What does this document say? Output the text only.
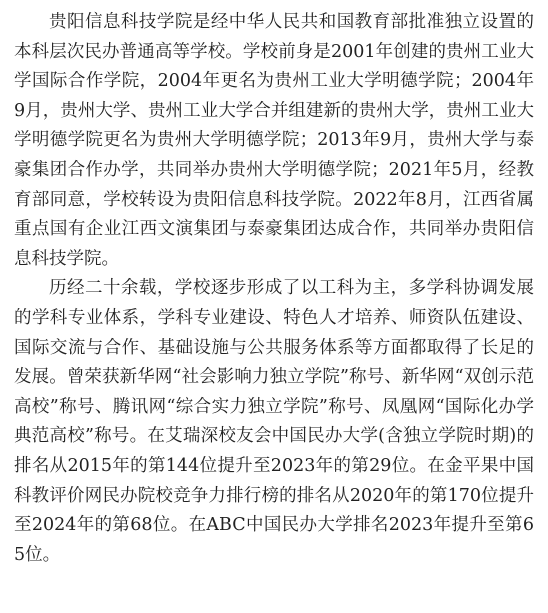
贵阳信息科技学院是经中华人民共和国教育部批准独立设置的本科层次民办普通高等学校。学校前身是2001年创建的贵州工业大学国际合作学院，2004年更名为贵州工业大学明德学院；2004年9月，贵州大学、贵州工业大学合并组建新的贵州大学，贵州工业大学明德学院更名为贵州大学明德学院；2013年9月，贵州大学与泰豪集团合作办学，共同举办贵州大学明德学院；2021年5月，经教育部同意，学校转设为贵阳信息科技学院。2022年8月，江西省属重点国有企业江西文演集团与泰豪集团达成合作，共同举办贵阳信息科技学院。

历经二十余载，学校逐步形成了以工科为主，多学科协调发展的学科专业体系，学科专业建设、特色人才培养、师资队伍建设、国际交流与合作、基础设施与公共服务体系等方面都取得了长足的发展。曾荣获新华网“社会影响力独立学院”称号、新华网“双创示范高校”称号、腾讯网“综合实力独立学院”称号、凤凰网“国际化办学典范高校”称号。在艾瑞深校友会中国民办大学(含独立学院时期)的排名从2015年的第144位提升至2023年的第29位。在金平果中国科教评价网民办院校竞争力排行榜的排名从2020年的第170位提升至2024年的第68位。在ABC中国民办大学排名2023年提升至第65位。
